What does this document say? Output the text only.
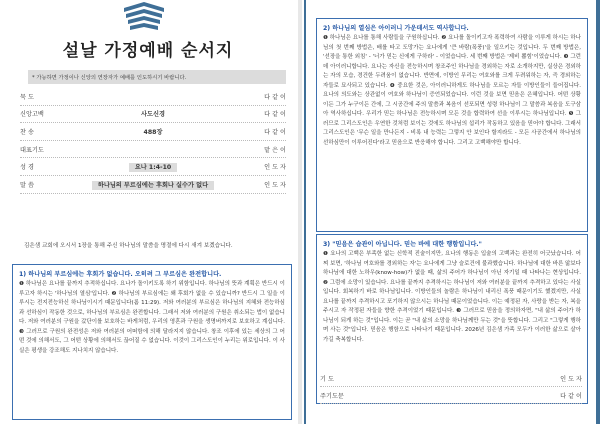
설날 가정예배 순서지
* 가능하면 가정이나 신앙의 연장자가 예배를 인도하시기 바랍니다.
묵 도	다 같 이
신앙고백	사도신경	다 같 이
찬 송	488장	다 같 이
대표기도	맡 은 이
성 경	요나 1:4-10	인 도 자
말 씀	하나님의 부르심에는 후회나 실수가 없다	인 도 자
김은샘 교회에 오시서 1장을 통해 주신 하나님의 말씀을 명절에 다시 새겨 보겠습니다.
1) 하나님의 부르심에는 후회가 없습니다. 오히려 그 부르심은 완전합니다.
❶ 하나님은 요나를 끝까지 추적하십니다. 요나가 돌이키도록 하기 위함입니다. 하나님의 뜻과 계획은 반드시 이루고자 하시는 '하나님의 열심'입니다. ❷ 하나님의 부르심에는 왜 후회가 없을 수 있습니까? 반드시 그 일을 이루시는 전지전능하신 하나님이시기 때문입니다(롬 11:29). 저와 여러분의 부르심은 하나님의 지혜와 전능하심과 선하심이 작동한 것으로, 하나님의 부르심은 완전합니다. 그래서 저와 여러분의 구원은 취소되는 법이 없습니다. 저와 여러분의 구원을 갔단이를 보호하는 바게처럼, 우리의 영혼과 구원을 생명버까지로 보호하고 계십니다. ❸ 그러므로 구원의 완전성은 저와 여러분의 어떠함에 의해 달라지지 않습니다. 창조 이후에 있는 세상의 그 어떤 것에 의해서도, 그 어떤 상황에 의해서도 끊어질 수 없습니다. 이것이 그리스도인이 누리는 위로입니다. 이 사실은 평생을 강조해도 지나치지 않습니다.
2) 하나님의 열심은 아이러니 가운데서도 역사합니다.
❶ 하나님은 요나를 통해 사람들을 구원하십니다. ❷ 요나를 돌이키고자 폭력하여 사람을 이루게 하시는 하나님의 첫 번째 방법은, 배를 타고 도망가는 요나에게 '큰 바람(폭풍)'을 일으키는 것입니다. 두 번째 방법은, '선장을 통한 외침' - '너가 믿는 신에게 구하라' - 이었습니다. 세 번째 방법은 '제비 뽑힘'이었습니다. ❸ 그런데 아이러니합니다. 요나는 자신을 전능하시며 창조주인 하나님을 경외하는 자로 소개하지만, 실상은 경외하는 자의 모습, 경건한 두려움이 없습니다. 반면에, 이방인 무리는 여호와를 크게 두려워하는 자, 즉 경외하는 자들로 묘사되고 있습니다. ❹ 중요한 것은, 아이러니하게도 하나님을 모르는 자들 이방인들이 들어집니다. 요나의 의도와는 상관없이 여호와 하나님이 증언되었습니다. 이런 것을 보면 믿음은 은혜입니다. 어떤 상황이든 그가 누구이든 간에, 그 시공간에 주의 말씀과 복음이 선포되면 성령 하나님이 그 말씀과 복음을 도구삼아 역사하십니다. 우리가 믿는 하나님은 전능하시며 모든 것을 합력하여 선을 이루시는 하나님입니다. ❺ 그러므로 그리스도인은 우연한 것처럼 보이는 것에도 하나님의 섭리가 작동하고 있음을 믿어야 합니다. 그래서 그리스도인은 '무슨 일을 만나든지 - 비록 내 능력는 그렇지 안 보인다 할지라도 - 모든 사공간에서 하나님의 선하심만이 이루어진다'라고 믿음으로 반응해야 합니다. 그리고 고백해야만 합니다.
3) "믿음은 습관이 아닙니다. 믿는 바에 대한 행함입니다."
❶ 요나의 고백은 부족한 없는 신학적 진술이지만, 요나의 행동은 입술의 고백과는 완전히 어긋났습니다. 어찌 보면, '하나님 여호와를 경외하는 자'는 요나에게 그냥 슬로건에 불과했습니다. 하나님에 대한 바른 앎보다 하나님에 대한 노하우(know-how)가 없을 때, 삶의 주어가 하나님이 아닌 자기일 때 나타나는 현상입니다. ❷ 그럼에 소망이 있습니다. 요나를 끝까지 추격하시는 하나님이 저와 여러분을 끝까지 추격하고 있다는 사실입니다. 회복하기 바로 하나님입니다. 이방인들의 놀람은 하나님이 내리신 폭풍 때문이기도 했겠지만, 사실 요나를 끝까지 추격하시고 포기하지 않으시는 하나님 때문이었습니다. 이는 예정된 자, 사랑을 받는 자, 복을 주시고 자 작정된 자들을 향한 추격이었기 때문입니다. ❸ 그러므로 믿음을 정의하자면, "내 삶의 주어가 하나님이 되게 하는 것"입니다. 이는 곧 "내 삶의 소망을 하나님께만 두는 것"을 뜻합니다. 그리고 "그렇게 행하며 사는 것"입니다. 믿음은 행함으로 나타나기 때문입니다. 2026년 김은샘 가족 모두가 이러한 삶으로 살아가길 축복합니다.
기 도	인 도 자
주기도문	다 같 이
